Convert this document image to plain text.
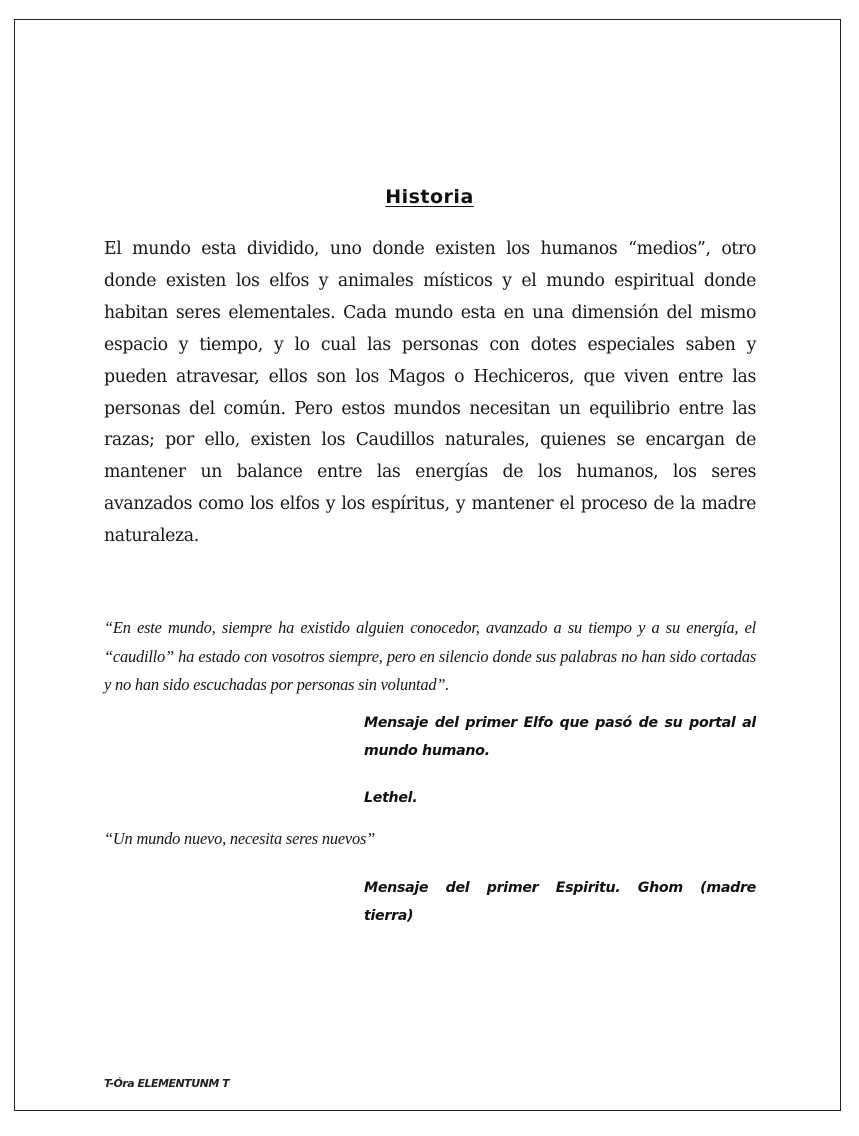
Historia

El mundo esta dividido, uno donde existen los humanos “medios”, otro donde existen los elfos y animales místicos y el mundo espiritual donde habitan seres elementales. Cada mundo esta en una dimensión del mismo espacio y tiempo, y lo cual las personas con dotes especiales saben y pueden atravesar, ellos son los Magos o Hechiceros, que viven entre las personas del común. Pero estos mundos necesitan un equilibrio entre las razas; por ello, existen los Caudillos naturales, quienes se encargan de mantener un balance entre las energías de los humanos, los seres avanzados como los elfos y los espíritus, y mantener el proceso de la madre naturaleza.

“En este mundo, siempre ha existido alguien conocedor, avanzado a su tiempo y a su energía, el “caudillo” ha estado con vosotros siempre, pero en silencio donde sus palabras no han sido cortadas y no han sido escuchadas por personas sin voluntad”.

Mensaje del primer Elfo que pasó de su portal al mundo humano.

Lethel.

“Un mundo nuevo, necesita seres nuevos”

Mensaje del primer Espiritu. Ghom (madre tierra)

T-Óra ELEMENTUNM T
